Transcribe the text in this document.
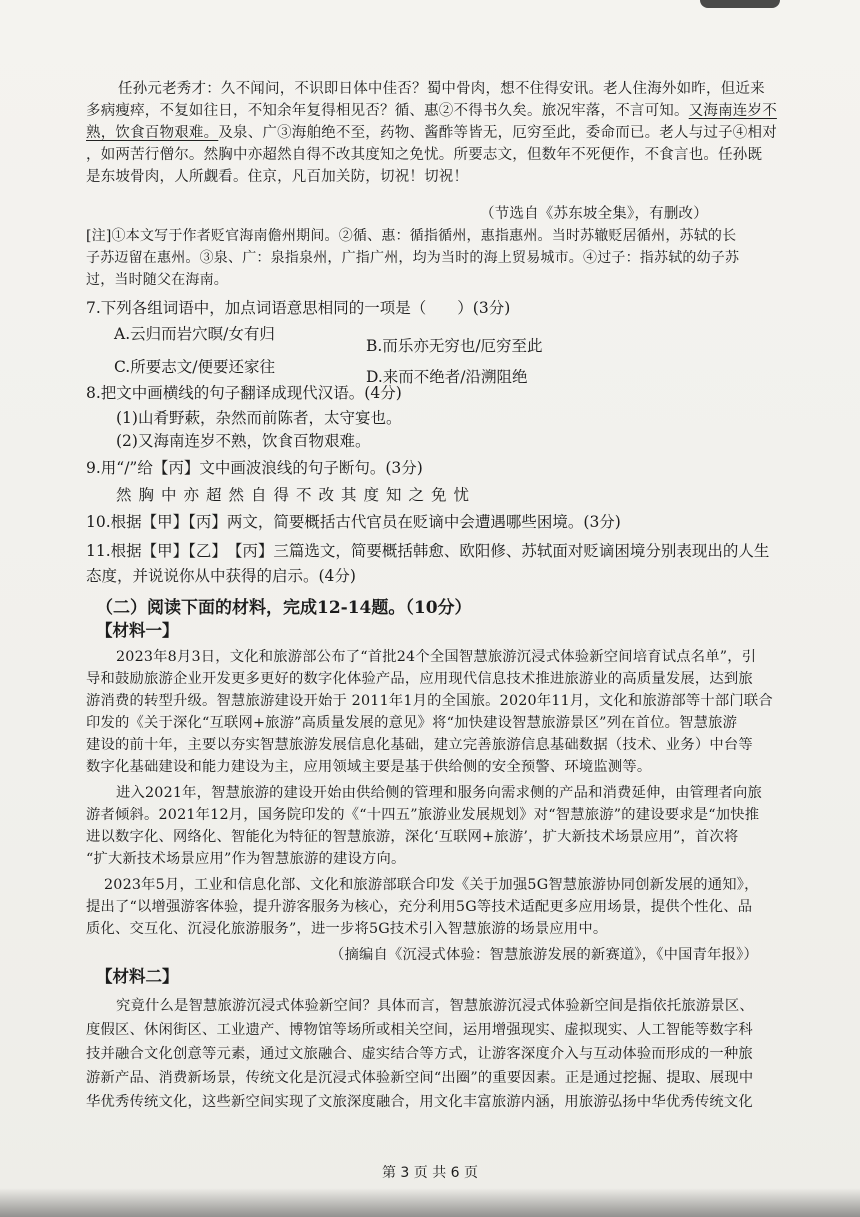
任孙元老秀才：久不闻问，不识即日体中佳否？蜀中骨肉，想不住得安讯。老人住海外如昨，但近来
多病瘦瘁，不复如往日，不知余年复得相见否？循、惠②不得书久矣。旅况牢落，不言可知。又海南连岁不
熟，饮食百物艰难。及泉、广③海舶绝不至，药物、酱酢等皆无，厄穷至此，委命而已。老人与过子④相对
，如两苦行僧尔。然胸中亦超然自得不改其度知之免忧。所要志文，但数年不死便作，不食言也。任孙既
是东坡骨肉，人所觑看。住京，凡百加关防，切祝！切祝！
（节选自《苏东坡全集》，有删改）
[注]①本文写于作者贬官海南儋州期间。②循、惠：循指循州，惠指惠州。当时苏辙贬居循州，苏轼的长
子苏迈留在惠州。③泉、广：泉指泉州，广指广州，均为当时的海上贸易城市。④过子：指苏轼的幼子苏
过，当时随父在海南。
7.下列各组词语中，加点词语意思相同的一项是（　　）(3分)
A.云归而岩穴暝/女有归
B.而乐亦无穷也/厄穷至此
C.所要志文/便要还家往
D.来而不绝者/沿溯阻绝
8.把文中画横线的句子翻译成现代汉语。(4分)
(1)山肴野蔌，杂然而前陈者，太守宴也。
(2)又海南连岁不熟，饮食百物艰难。
9.用“/”给【丙】文中画波浪线的句子断句。(3分)
然胸中亦超然自得不改其度知之免忧
10.根据【甲】【丙】两文，简要概括古代官员在贬谪中会遭遇哪些困境。(3分)
11.根据【甲】【乙】　【丙】三篇选文，简要概括韩愈、欧阳修、苏轼面对贬谪困境分别表现出的人生
态度，并说说你从中获得的启示。(4分)
（二）阅读下面的材料，完成12-14题。（10分）
【材料一】
2023年8月3日，文化和旅游部公布了“首批24个全国智慧旅游沉浸式体验新空间培育试点名单”，引
导和鼓励旅游企业开发更多更好的数字化体验产品，应用现代信息技术推进旅游业的高质量发展，达到旅
游消费的转型升级。智慧旅游建设开始于 2011年1月的全国旅。2020年11月，文化和旅游部等十部门联合
印发的《关于深化“互联网+旅游”高质量发展的意见》将“加快建设智慧旅游景区”列在首位。智慧旅游
建设的前十年，主要以夯实智慧旅游发展信息化基础，建立完善旅游信息基础数据（技术、业务）中台等
数字化基础建设和能力建设为主，应用领域主要是基于供给侧的安全预警、环境监测等。
进入2021年，智慧旅游的建设开始由供给侧的管理和服务向需求侧的产品和消费延伸，由管理者向旅
游者倾斜。2021年12月，国务院印发的《“十四五”旅游业发展规划》对“智慧旅游”的建设要求是“加快推
进以数字化、网络化、智能化为特征的智慧旅游，深化‘互联网+旅游’，扩大新技术场景应用”，首次将
“扩大新技术场景应用”作为智慧旅游的建设方向。
2023年5月，工业和信息化部、文化和旅游部联合印发《关于加强5G智慧旅游协同创新发展的通知》，
提出了“以增强游客体验，提升游客服务为核心，充分利用5G等技术适配更多应用场景，提供个性化、品
质化、交互化、沉浸化旅游服务”，进一步将5G技术引入智慧旅游的场景应用中。
（摘编自《沉浸式体验：智慧旅游发展的新赛道》，《中国青年报》）
【材料二】
究竟什么是智慧旅游沉浸式体验新空间？具体而言，智慧旅游沉浸式体验新空间是指依托旅游景区、
度假区、休闲街区、工业遗产、博物馆等场所或相关空间，运用增强现实、虚拟现实、人工智能等数字科
技并融合文化创意等元素，通过文旅融合、虚实结合等方式，让游客深度介入与互动体验而形成的一种旅
游新产品、消费新场景，传统文化是沉浸式体验新空间“出圈”的重要因素。正是通过挖掘、提取、展现中
华优秀传统文化，这些新空间实现了文旅深度融合，用文化丰富旅游内涵，用旅游弘扬中华优秀传统文化
第 3 页 共 6 页
